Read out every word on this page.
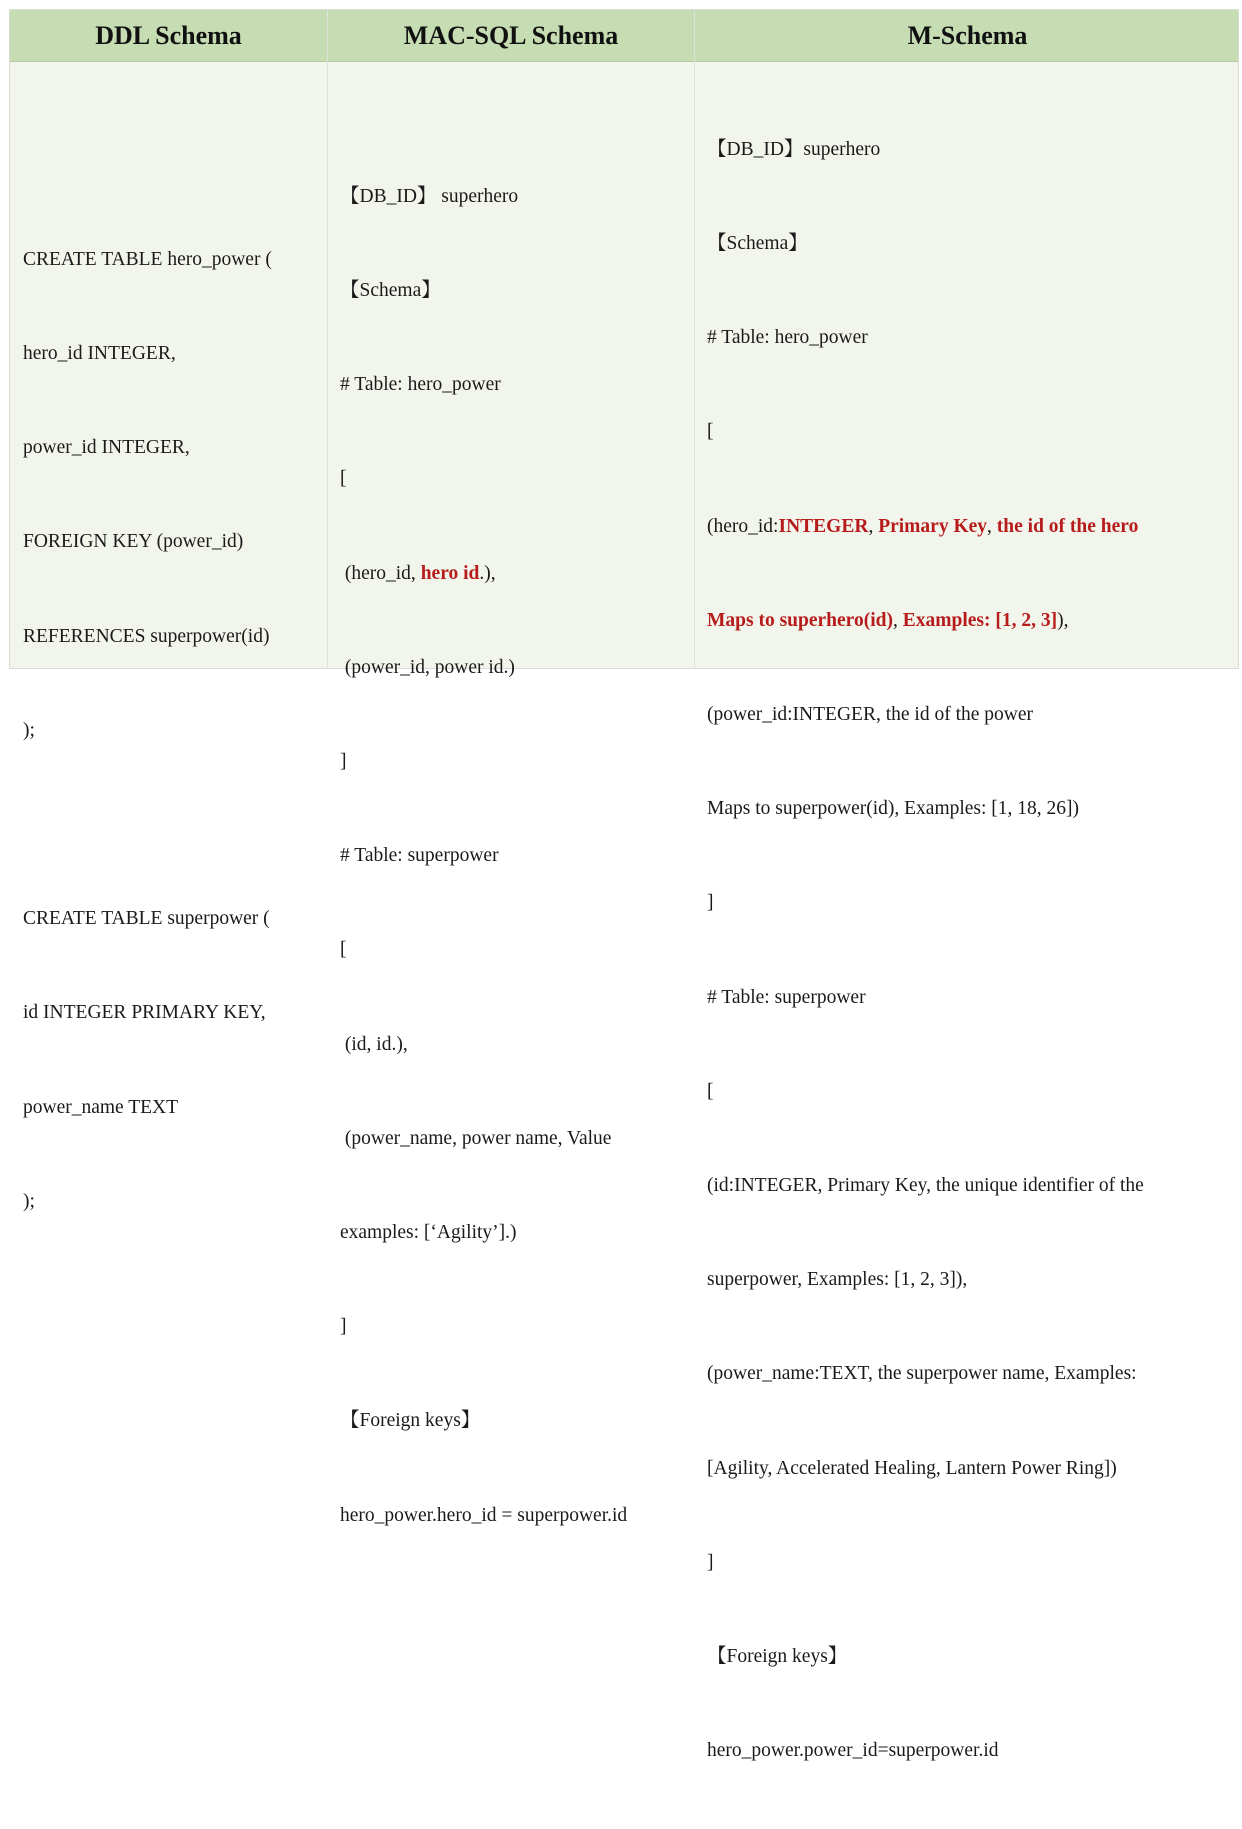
DDL Schema	MAC-SQL Schema	M-Schema

CREATE TABLE hero_power (

hero_id INTEGER,

power_id INTEGER,

FOREIGN KEY (power_id)

REFERENCES superpower(id)

);

CREATE TABLE superpower (

id INTEGER PRIMARY KEY,

power_name TEXT

);

【DB_ID】 superhero

【Schema】

# Table: hero_power

[

(hero_id, hero id.),

(power_id, power id.)

]

# Table: superpower

[

(id, id.),

(power_name, power name, Value

examples: [‘Agility’].)

]

【Foreign keys】

hero_power.hero_id = superpower.id

【DB_ID】superhero

【Schema】

# Table: hero_power

[

(hero_id:INTEGER, Primary Key, the id of the hero

Maps to superhero(id), Examples: [1, 2, 3]),

(power_id:INTEGER, the id of the power

Maps to superpower(id), Examples: [1, 18, 26])

]

# Table: superpower

[

(id:INTEGER, Primary Key, the unique identifier of the

superpower, Examples: [1, 2, 3]),

(power_name:TEXT, the superpower name, Examples:

[Agility, Accelerated Healing, Lantern Power Ring])

]

【Foreign keys】

hero_power.power_id=superpower.id
